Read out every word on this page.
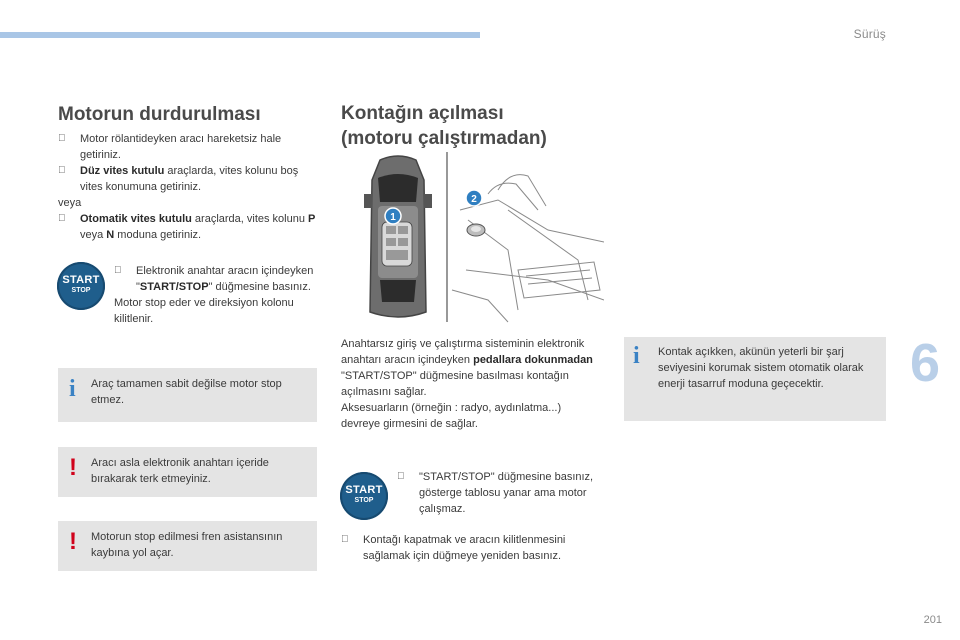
Sürüş
6
Motorun durdurulması
Motor rölantideyken aracı hareketsiz hale getiriniz.
Düz vites kutulu araçlarda, vites kolunu boş vites konumuna getiriniz.
veya
Otomatik vites kutulu araçlarda, vites kolunu P veya N moduna getiriniz.
START
STOP
Elektronik anahtar aracın içindeyken "START/STOP" düğmesine basınız.
Motor stop eder ve direksiyon kolonu kilitlenir.
i Araç tamamen sabit değilse motor stop etmez.
! Aracı asla elektronik anahtarı içeride bırakarak terk etmeyiniz.
! Motorun stop edilmesi fren asistansının kaybına yol açar.
Kontağın açılması
(motoru çalıştırmadan)
1
2
Anahtarsız giriş ve çalıştırma sisteminin elektronik anahtarı aracın içindeyken pedallara dokunmadan "START/STOP" düğmesine basılması kontağın açılmasını sağlar.
Aksesuarların (örneğin : radyo, aydınlatma...) devreye girmesini de sağlar.
START
STOP
"START/STOP" düğmesine basınız, gösterge tablosu yanar ama motor çalışmaz.
Kontağı kapatmak ve aracın kilitlenmesini sağlamak için düğmeye yeniden basınız.
i Kontak açıkken, akünün yeterli bir şarj seviyesini korumak sistem otomatik olarak enerji tasarruf moduna geçecektir.
201
